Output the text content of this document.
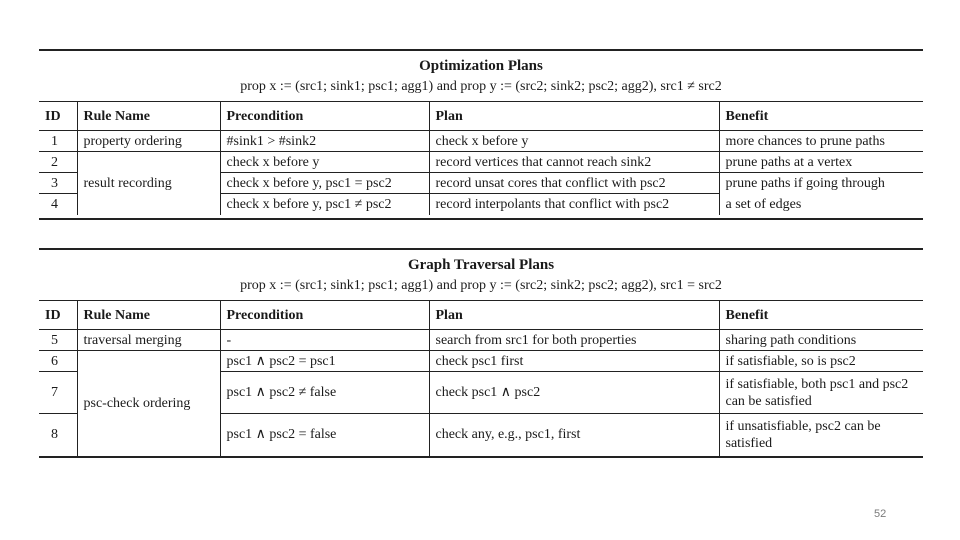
Optimization Plans
prop x := (src1; sink1; psc1; agg1) and prop y := (src2; sink2; psc2; agg2), src1 ≠ src2
ID	Rule Name	Precondition	Plan	Benefit
1	property ordering	#sink1 > #sink2	check x before y	more chances to prune paths
2	result recording	check x before y	record vertices that cannot reach sink2	prune paths at a vertex
3		check x before y, psc1 = psc2	record unsat cores that conflict with psc2	prune paths if going through
4		check x before y, psc1 ≠ psc2	record interpolants that conflict with psc2	a set of edges
Graph Traversal Plans
prop x := (src1; sink1; psc1; agg1) and prop y := (src2; sink2; psc2; agg2), src1 = src2
ID	Rule Name	Precondition	Plan	Benefit
5	traversal merging	-	search from src1 for both properties	sharing path conditions
6	psc-check ordering	psc1 ∧ psc2 = psc1	check psc1 first	if satisfiable, so is psc2
7		psc1 ∧ psc2 ≠ false	check psc1 ∧ psc2	if satisfiable, both psc1 and psc2 can be satisfied
8		psc1 ∧ psc2 = false	check any, e.g., psc1, first	if unsatisfiable, psc2 can be satisfied
52
